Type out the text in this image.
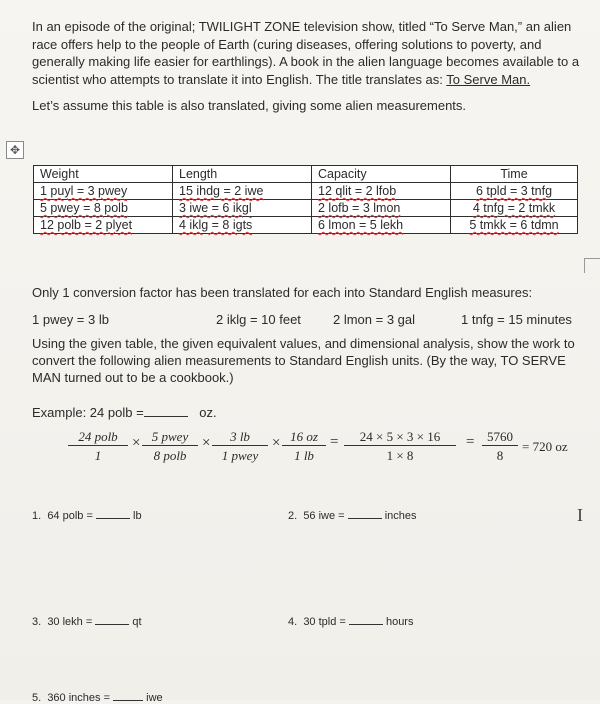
In an episode of the original; TWILIGHT ZONE television show, titled “To Serve Man,” an alien race offers help to the people of Earth (curing diseases, offering solutions to poverty, and generally making life easier for earthlings). A book in the alien language becomes available to a scientist who attempts to translate it into English. The title translates as: To Serve Man.

Let’s assume this table is also translated, giving some alien measurements.

✥
Weight	Length	Capacity	Time
1 puyl = 3 pwey	15 ihdg = 2 iwe	12 qlit = 2 lfob	6 tpld = 3 tnfg
5 pwey = 8 polb	3 iwe = 6 ikgl	2 lofb = 3 lmon	4 tnfg = 2 tmkk
12 polb = 2 plyet	4 iklg = 8 igts	6 lmon = 5 lekh	5 tmkk = 6 tdmn
Only 1 conversion factor has been translated for each into Standard English measures:
1 pwey = 3 lb	2 iklg = 10 feet 2 lmon = 3 gal	1 tnfg = 15 minutes
Using the given table, the given equivalent values, and dimensional analysis, show the work to convert the following alien measurements to Standard English units. (By the way, TO SERVE MAN turned out to be a cookbook.)
Example: 24 polb =	oz.
24 polb
1
× 5 pwey
8 polb
×	3 lb
1 pwey
× $\frac{16 oz}{1 lb} = \frac{24 \times 5 \times 3 \times 16}{1 \times 8} = \frac{5760}{8} = 720$ oz
1. 64 polb =	lb	2. 56 iwe =	inches
3. 30 lekh =	qt	4. 30 tpld =	hours
5. 360 inches =	iwe
I
